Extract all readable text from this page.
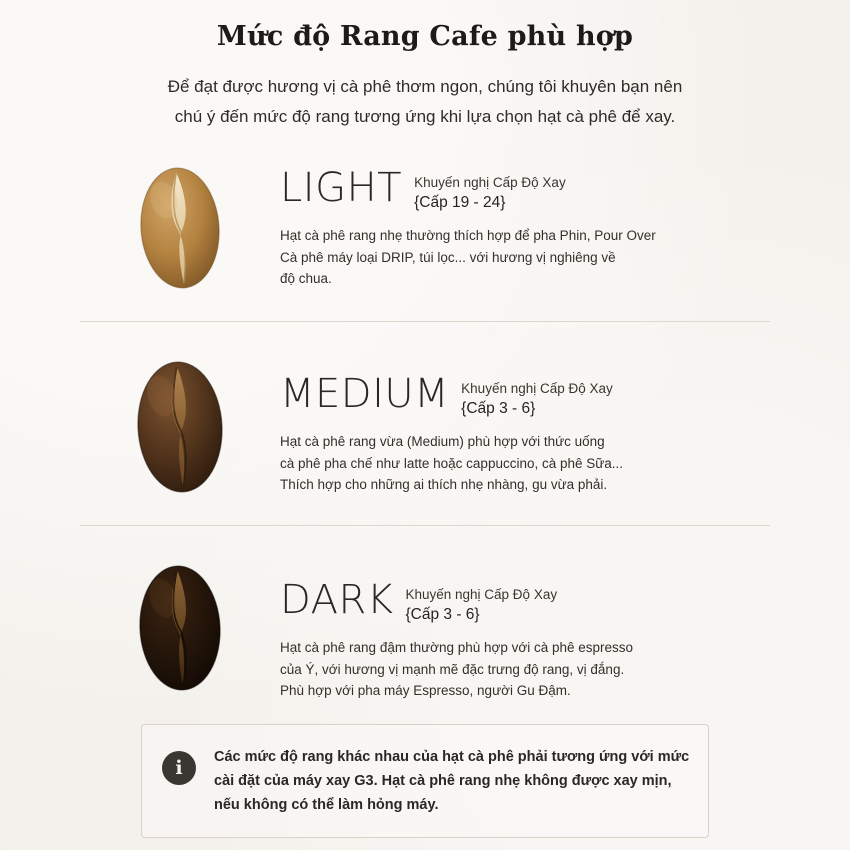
Mức độ Rang Cafe phù hợp
Để đạt được hương vị cà phê thơm ngon, chúng tôi khuyên bạn nên
chú ý đến mức độ rang tương ứng khi lựa chọn hạt cà phê để xay.
LIGHT Khuyến nghị Cấp Độ Xay
{Cấp 19 - 24}
Hạt cà phê rang nhẹ thường thích hợp để pha Phin, Pour Over
Cà phê máy loại DRIP, túi lọc... với hương vị nghiêng về
độ chua.
MEDIUM Khuyến nghị Cấp Độ Xay
{Cấp 3 - 6}
Hạt cà phê rang vừa (Medium) phù hợp với thức uống
cà phê pha chế như latte hoặc cappuccino, cà phê Sữa...
Thích hợp cho những ai thích nhẹ nhàng, gu vừa phải.
DARK Khuyến nghị Cấp Độ Xay
{Cấp 3 - 6}
Hạt cà phê rang đậm thường phù hợp với cà phê espresso
của Ý, với hương vị mạnh mẽ đặc trưng độ rang, vị đắng.
Phù hợp với pha máy Espresso, người Gu Đậm.
i	Các mức độ rang khác nhau của hạt cà phê phải tương ứng với mức
cài đặt của máy xay G3. Hạt cà phê rang nhẹ không được xay mịn,
nếu không có thể làm hỏng máy.
